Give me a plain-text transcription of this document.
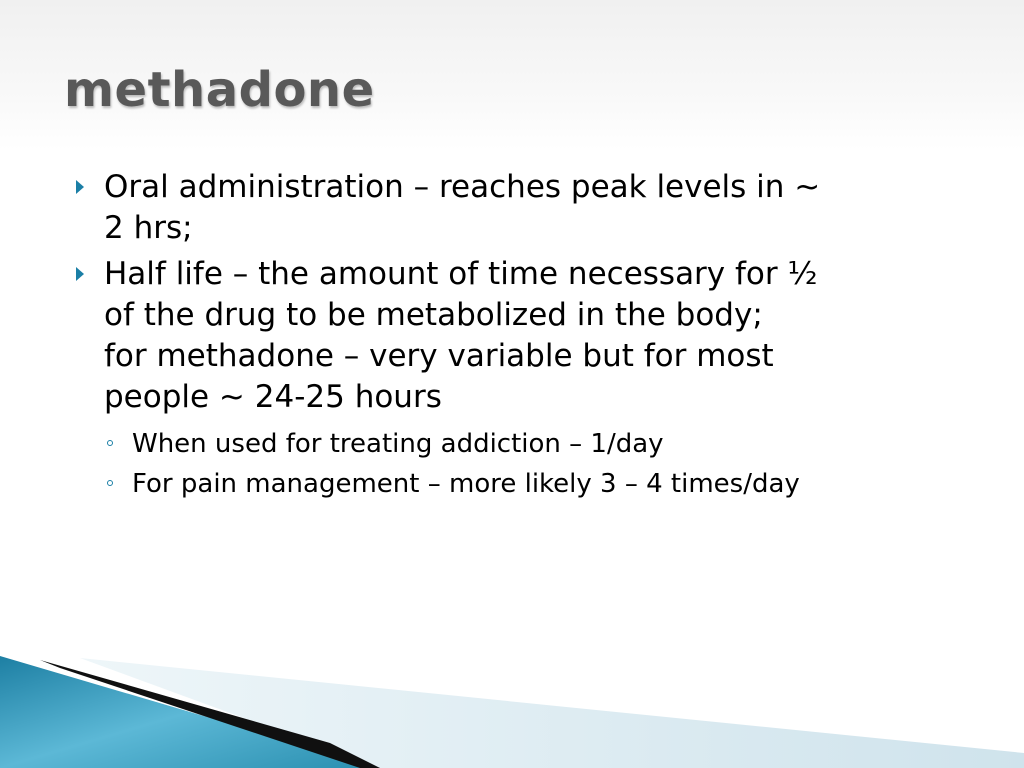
methadone
Oral administration – reaches peak levels in ~
2 hrs;
Half life – the amount of time necessary for ½
of the drug to be metabolized in the body;
for methadone – very variable but for most
people ~ 24-25 hours
When used for treating addiction – 1/day
For pain management – more likely 3 – 4 times/day
